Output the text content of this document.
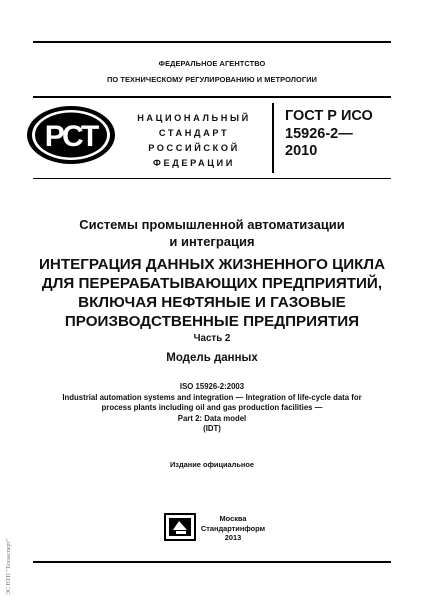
ФЕДЕРАЛЬНОЕ АГЕНТСТВО
ПО ТЕХНИЧЕСКОМУ РЕГУЛИРОВАНИЮ И МЕТРОЛОГИИ
РСТ
НАЦИОНАЛЬНЫЙ
СТАНДАРТ
РОССИЙСКОЙ
ФЕДЕРАЦИИ
ГОСТ Р ИСО
15926-2—
2010
Системы промышленной автоматизации
и интеграция
ИНТЕГРАЦИЯ ДАННЫХ ЖИЗНЕННОГО ЦИКЛА
ДЛЯ ПЕРЕРАБАТЫВАЮЩИХ ПРЕДПРИЯТИЙ,
ВКЛЮЧАЯ НЕФТЯНЫЕ И ГАЗОВЫЕ
ПРОИЗВОДСТВЕННЫЕ ПРЕДПРИЯТИЯ
Часть 2
Модель данных
ISO 15926-2:2003
Industrial automation systems and integration — Integration of life-cycle data for
process plants including oil and gas production facilities —
Part 2: Data model
(IDT)
Издание официальное
Москва
Стандартинформ
2013
ЭС НТП "Техэксперт"
